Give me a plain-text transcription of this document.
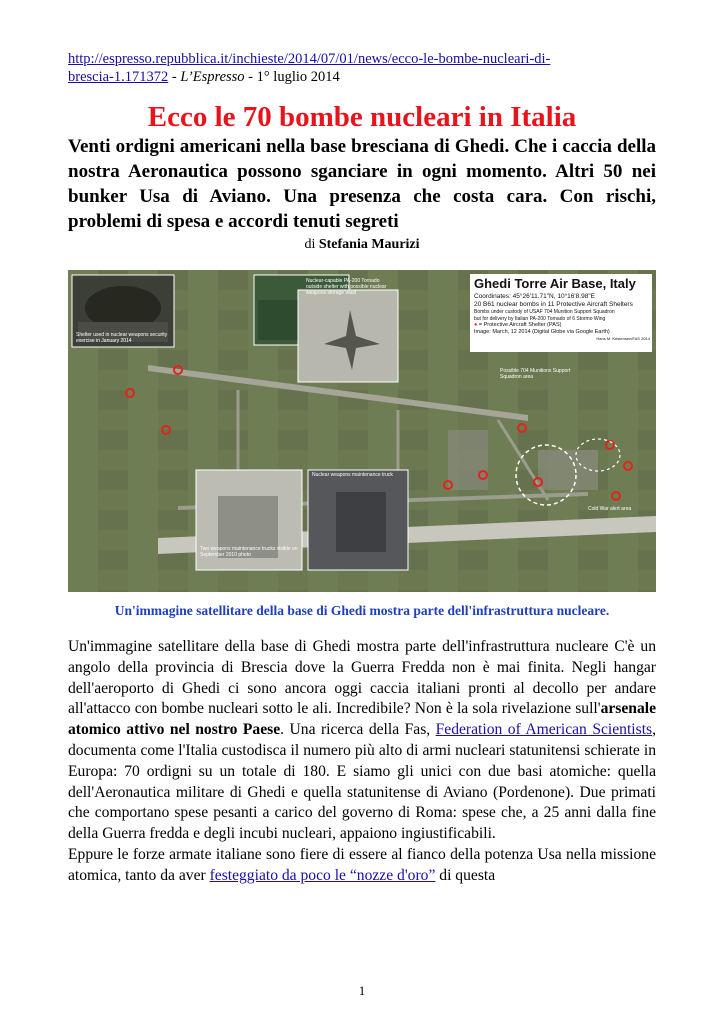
http://espresso.repubblica.it/inchieste/2014/07/01/news/ecco-le-bombe-nucleari-di-
brescia-1.171372 - L’Espresso - 1° luglio 2014
Ecco le 70 bombe nucleari in Italia

Venti ordigni americani nella base bresciana di Ghedi. Che i caccia della nostra Aeronautica possono sganciare in ogni momento. Altri 50 nei bunker Usa di Aviano. Una presenza che costa cara. Con rischi, problemi di spesa e accordi tenuti segreti

di Stefania Maurizi
Ghedi Torre Air Base, Italy
Coordinates: 45°26'11.71"N, 10°16'8.98"E
20 B61 nuclear bombs in 11 Protective Aircraft Shelters
Bombs under custody of USAF 704 Munition Support Squadron
but for delivery by Italian PA-200 Tornado of 6 Stormo Wing
● = Protective Aircraft Shelter (PAS)
Image: March, 12 2014 (Digital Globe via Google Earth)
Hans M. Kristensen/FAS 2014
Shelter used in nuclear weapons security exercise in January 2014
Nuclear-capable PA-200 Tornado outside shelter with possible nuclear weapons storage vault
Possible 704 Munitions Support Squadron area
Nuclear weapons maintenance truck
Cold War alert area
Two weapons maintenance trucks visible on September 2010 photo
Un'immagine satellitare della base di Ghedi mostra parte dell'infrastruttura nucleare.

Un'immagine satellitare della base di Ghedi mostra parte dell'infrastruttura nucleare C'è un angolo della provincia di Brescia dove la Guerra Fredda non è mai finita. Negli hangar dell'aeroporto di Ghedi ci sono ancora oggi caccia italiani pronti al decollo per andare all'attacco con bombe nucleari sotto le ali. Incredibile? Non è la sola rivelazione sull'arsenale atomico attivo nel nostro Paese. Una ricerca della Fas, Federation of American Scientists, documenta come l'Italia custodisca il numero più alto di armi nucleari statunitensi schierate in Europa: 70 ordigni su un totale di 180. E siamo gli unici con due basi atomiche: quella dell'Aeronautica militare di Ghedi e quella statunitense di Aviano (Pordenone). Due primati che comportano spese pesanti a carico del governo di Roma: spese che, a 25 anni dalla fine della Guerra fredda e degli incubi nucleari, appaiono ingiustificabili.

Eppure le forze armate italiane sono fiere di essere al fianco della potenza Usa nella missione atomica, tanto da aver festeggiato da poco le “nozze d'oro” di questa

1
